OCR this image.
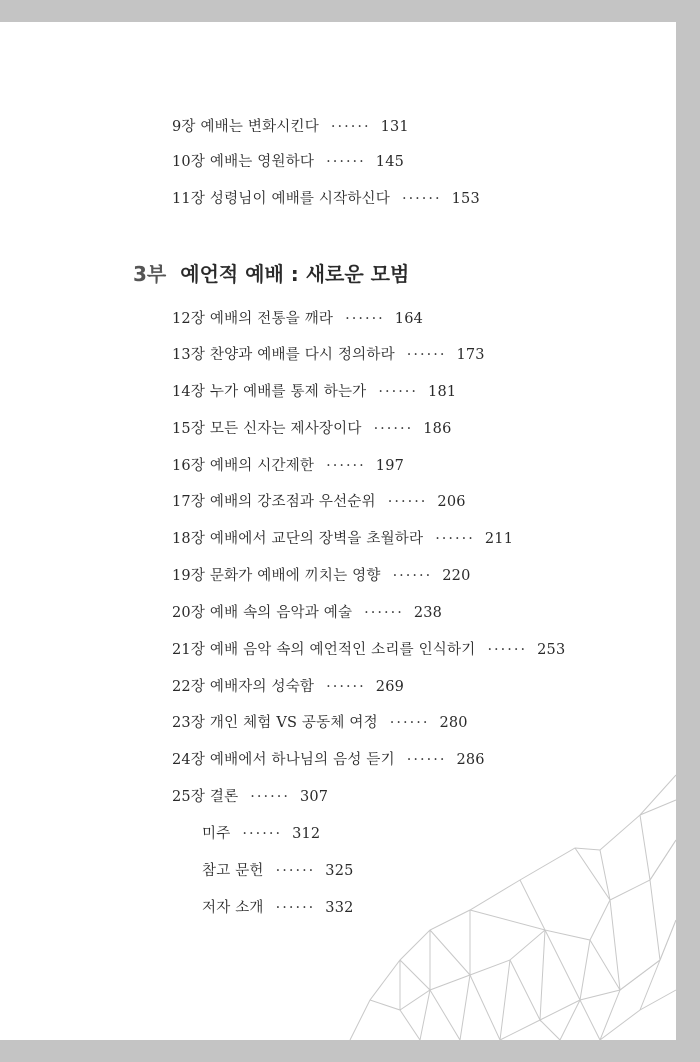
9장 예배는 변화시킨다 ······ 131
10장 예배는 영원하다 ······ 145
11장 성령님이 예배를 시작하신다 ······ 153
3부 예언적 예배 : 새로운 모범
12장 예배의 전통을 깨라 ······ 164
13장 찬양과 예배를 다시 정의하라 ······ 173
14장 누가 예배를 통제 하는가 ······ 181
15장 모든 신자는 제사장이다 ······ 186
16장 예배의 시간제한 ······ 197
17장 예배의 강조점과 우선순위 ······ 206
18장 예배에서 교단의 장벽을 초월하라 ······ 211
19장 문화가 예배에 끼치는 영향 ······ 220
20장 예배 속의 음악과 예술 ······ 238
21장 예배 음악 속의 예언적인 소리를 인식하기 ······ 253
22장 예배자의 성숙함 ······ 269
23장 개인 체험 VS 공동체 여정 ······ 280
24장 예배에서 하나님의 음성 듣기 ······ 286
25장 결론 ······ 307
미주 ······ 312
참고 문헌 ······ 325
저자 소개 ······ 332
